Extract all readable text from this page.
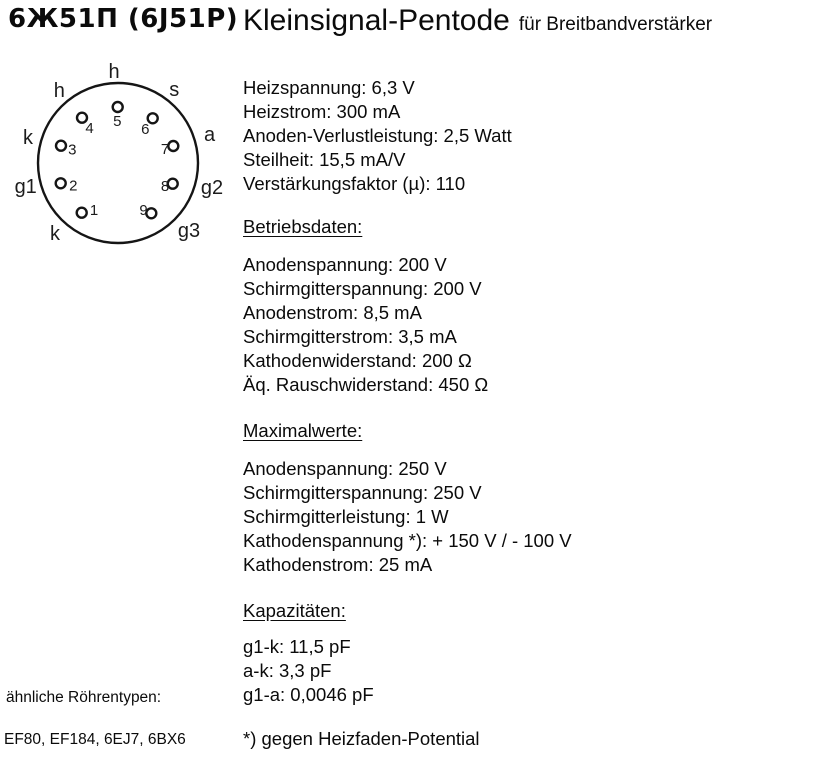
6Ж51П (6J51P) Kleinsignal-Pentode für Breitbandverstärker
1
2
3
4 5 6
7
8
9
h
h	s
k	a
g1	g2
k	g3
Heizspannung: 6,3 V
Heizstrom: 300 mA
Anoden-Verlustleistung: 2,5 Watt
Steilheit: 15,5 mA/V
Verstärkungsfaktor (µ): 110
Betriebsdaten:
Anodenspannung: 200 V
Schirmgitterspannung: 200 V
Anodenstrom: 8,5 mA
Schirmgitterstrom: 3,5 mA
Kathodenwiderstand: 200 Ω
Äq. Rauschwiderstand: 450 Ω
Maximalwerte:
Anodenspannung: 250 V
Schirmgitterspannung: 250 V
Schirmgitterleistung: 1 W
Kathodenspannung *): + 150 V / - 100 V
Kathodenstrom: 25 mA
Kapazitäten:
g1-k: 11,5 pF
a-k: 3,3 pF
g1-a: 0,0046 pF
*) gegen Heizfaden-Potential
ähnliche Röhrentypen:
EF80, EF184, 6EJ7, 6BX6
